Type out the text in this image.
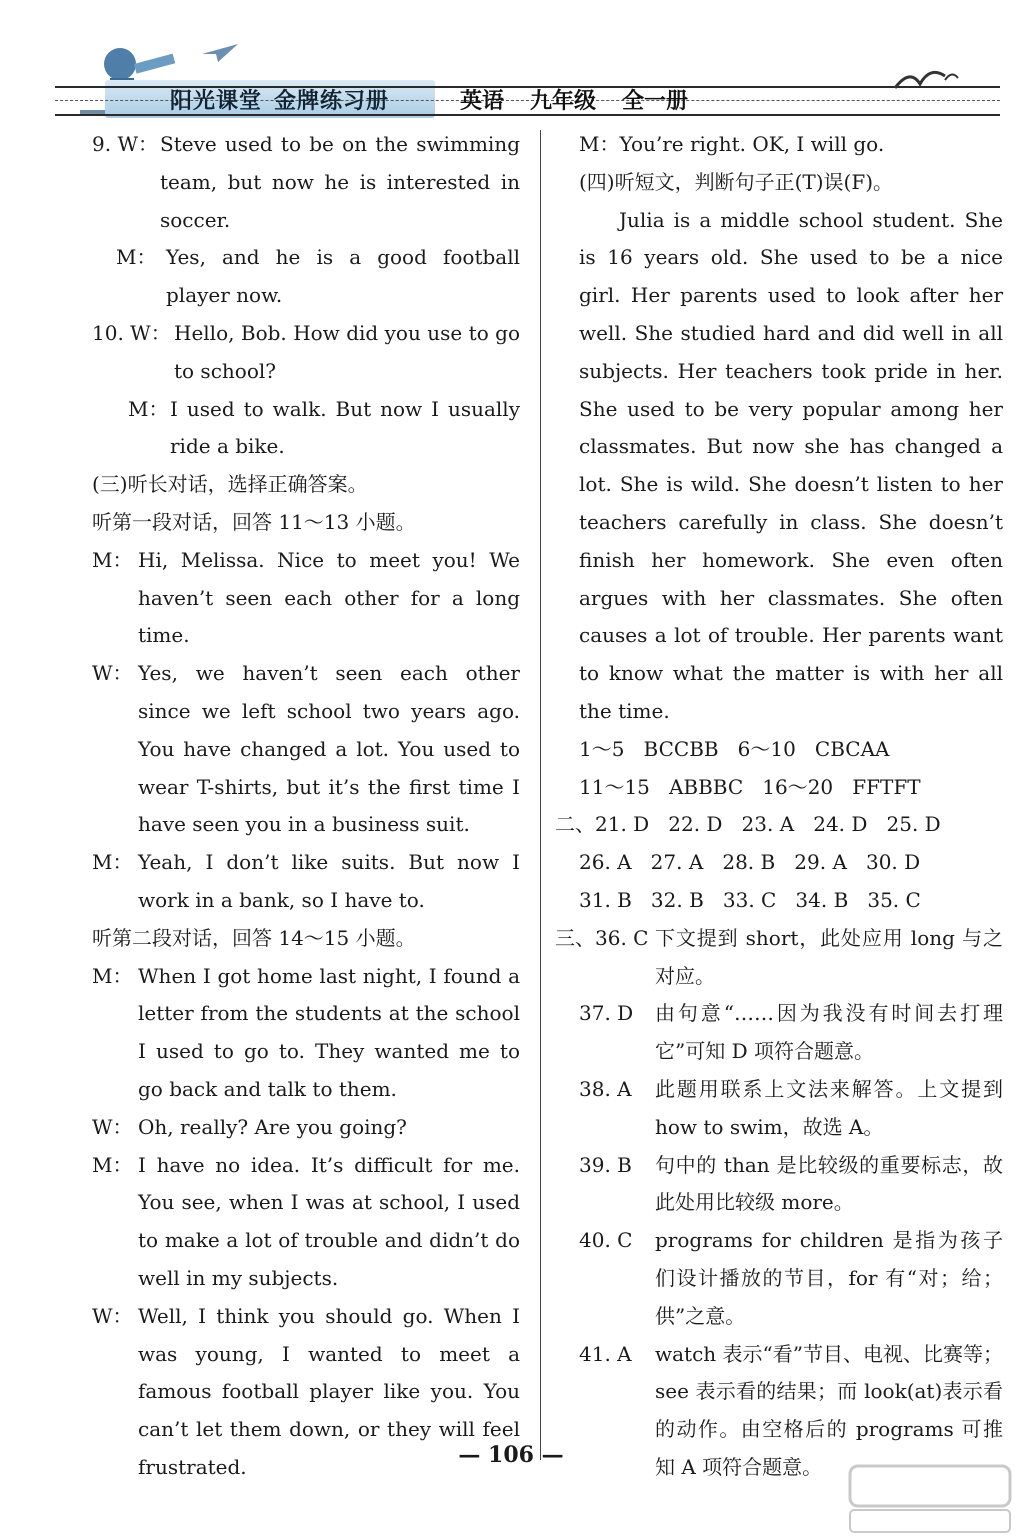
阳光课堂 金牌练习册	英语 九年级 全一册
9. W： Steve used to be on the swimming team, but now he is interested in soccer.
M： Yes, and he is a good football player now.
10. W： Hello, Bob. How did you use to go to school?
M： I used to walk. But now I usually ride a bike.
(三)听长对话，选择正确答案。
听第一段对话，回答 11～13 小题。
M： Hi, Melissa. Nice to meet you! We haven’t seen each other for a long time.
W： Yes, we haven’t seen each other since we left school two years ago. You have changed a lot. You used to wear T-shirts, but it’s the first time I have seen you in a business suit.
M： Yeah, I don’t like suits. But now I work in a bank, so I have to.
听第二段对话，回答 14～15 小题。
M： When I got home last night, I found a letter from the students at the school I used to go to. They wanted me to go back and talk to them.
W： Oh, really? Are you going?
M： I have no idea. It’s difficult for me. You see, when I was at school, I used to make a lot of trouble and didn’t do well in my subjects.
W： Well, I think you should go. When I was young, I wanted to meet a famous football player like you. You can’t let them down, or they will feel frustrated.
M：You’re right. OK, I will go.
(四)听短文，判断句子正(T)误(F)。
Julia is a middle school student. She is 16 years old. She used to be a nice girl. Her parents used to look after her well. She studied hard and did well in all subjects. Her teachers took pride in her. She used to be very popular among her classmates. But now she has changed a lot. She is wild. She doesn’t listen to her teachers carefully in class. She doesn’t finish her homework. She even often argues with her classmates. She often causes a lot of trouble. Her parents want to know what the matter is with her all the time.
1～5   BCCBB   6～10   CBCAA
11～15   ABBBC   16～20   FFTFT
二、21. D   22. D   23. A   24. D   25. D
26. A   27. A   28. B   29. A   30. D
31. B   32. B   33. C   34. B   35. C
三、36. C 下文提到 short，此处应用 long 与之对应。
37. D 由句意“……因为我没有时间去打理它”可知 D 项符合题意。
38. A 此题用联系上文法来解答。上文提到 how to swim，故选 A。
39. B 句中的 than 是比较级的重要标志，故此处用比较级 more。
40. C programs for children 是指为孩子们设计播放的节目，for 有“对；给；供”之意。
41. A watch 表示“看”节目、电视、比赛等；see 表示看的结果；而 look(at)表示看的动作。由空格后的 programs 可推知 A 项符合题意。
— 106 —
